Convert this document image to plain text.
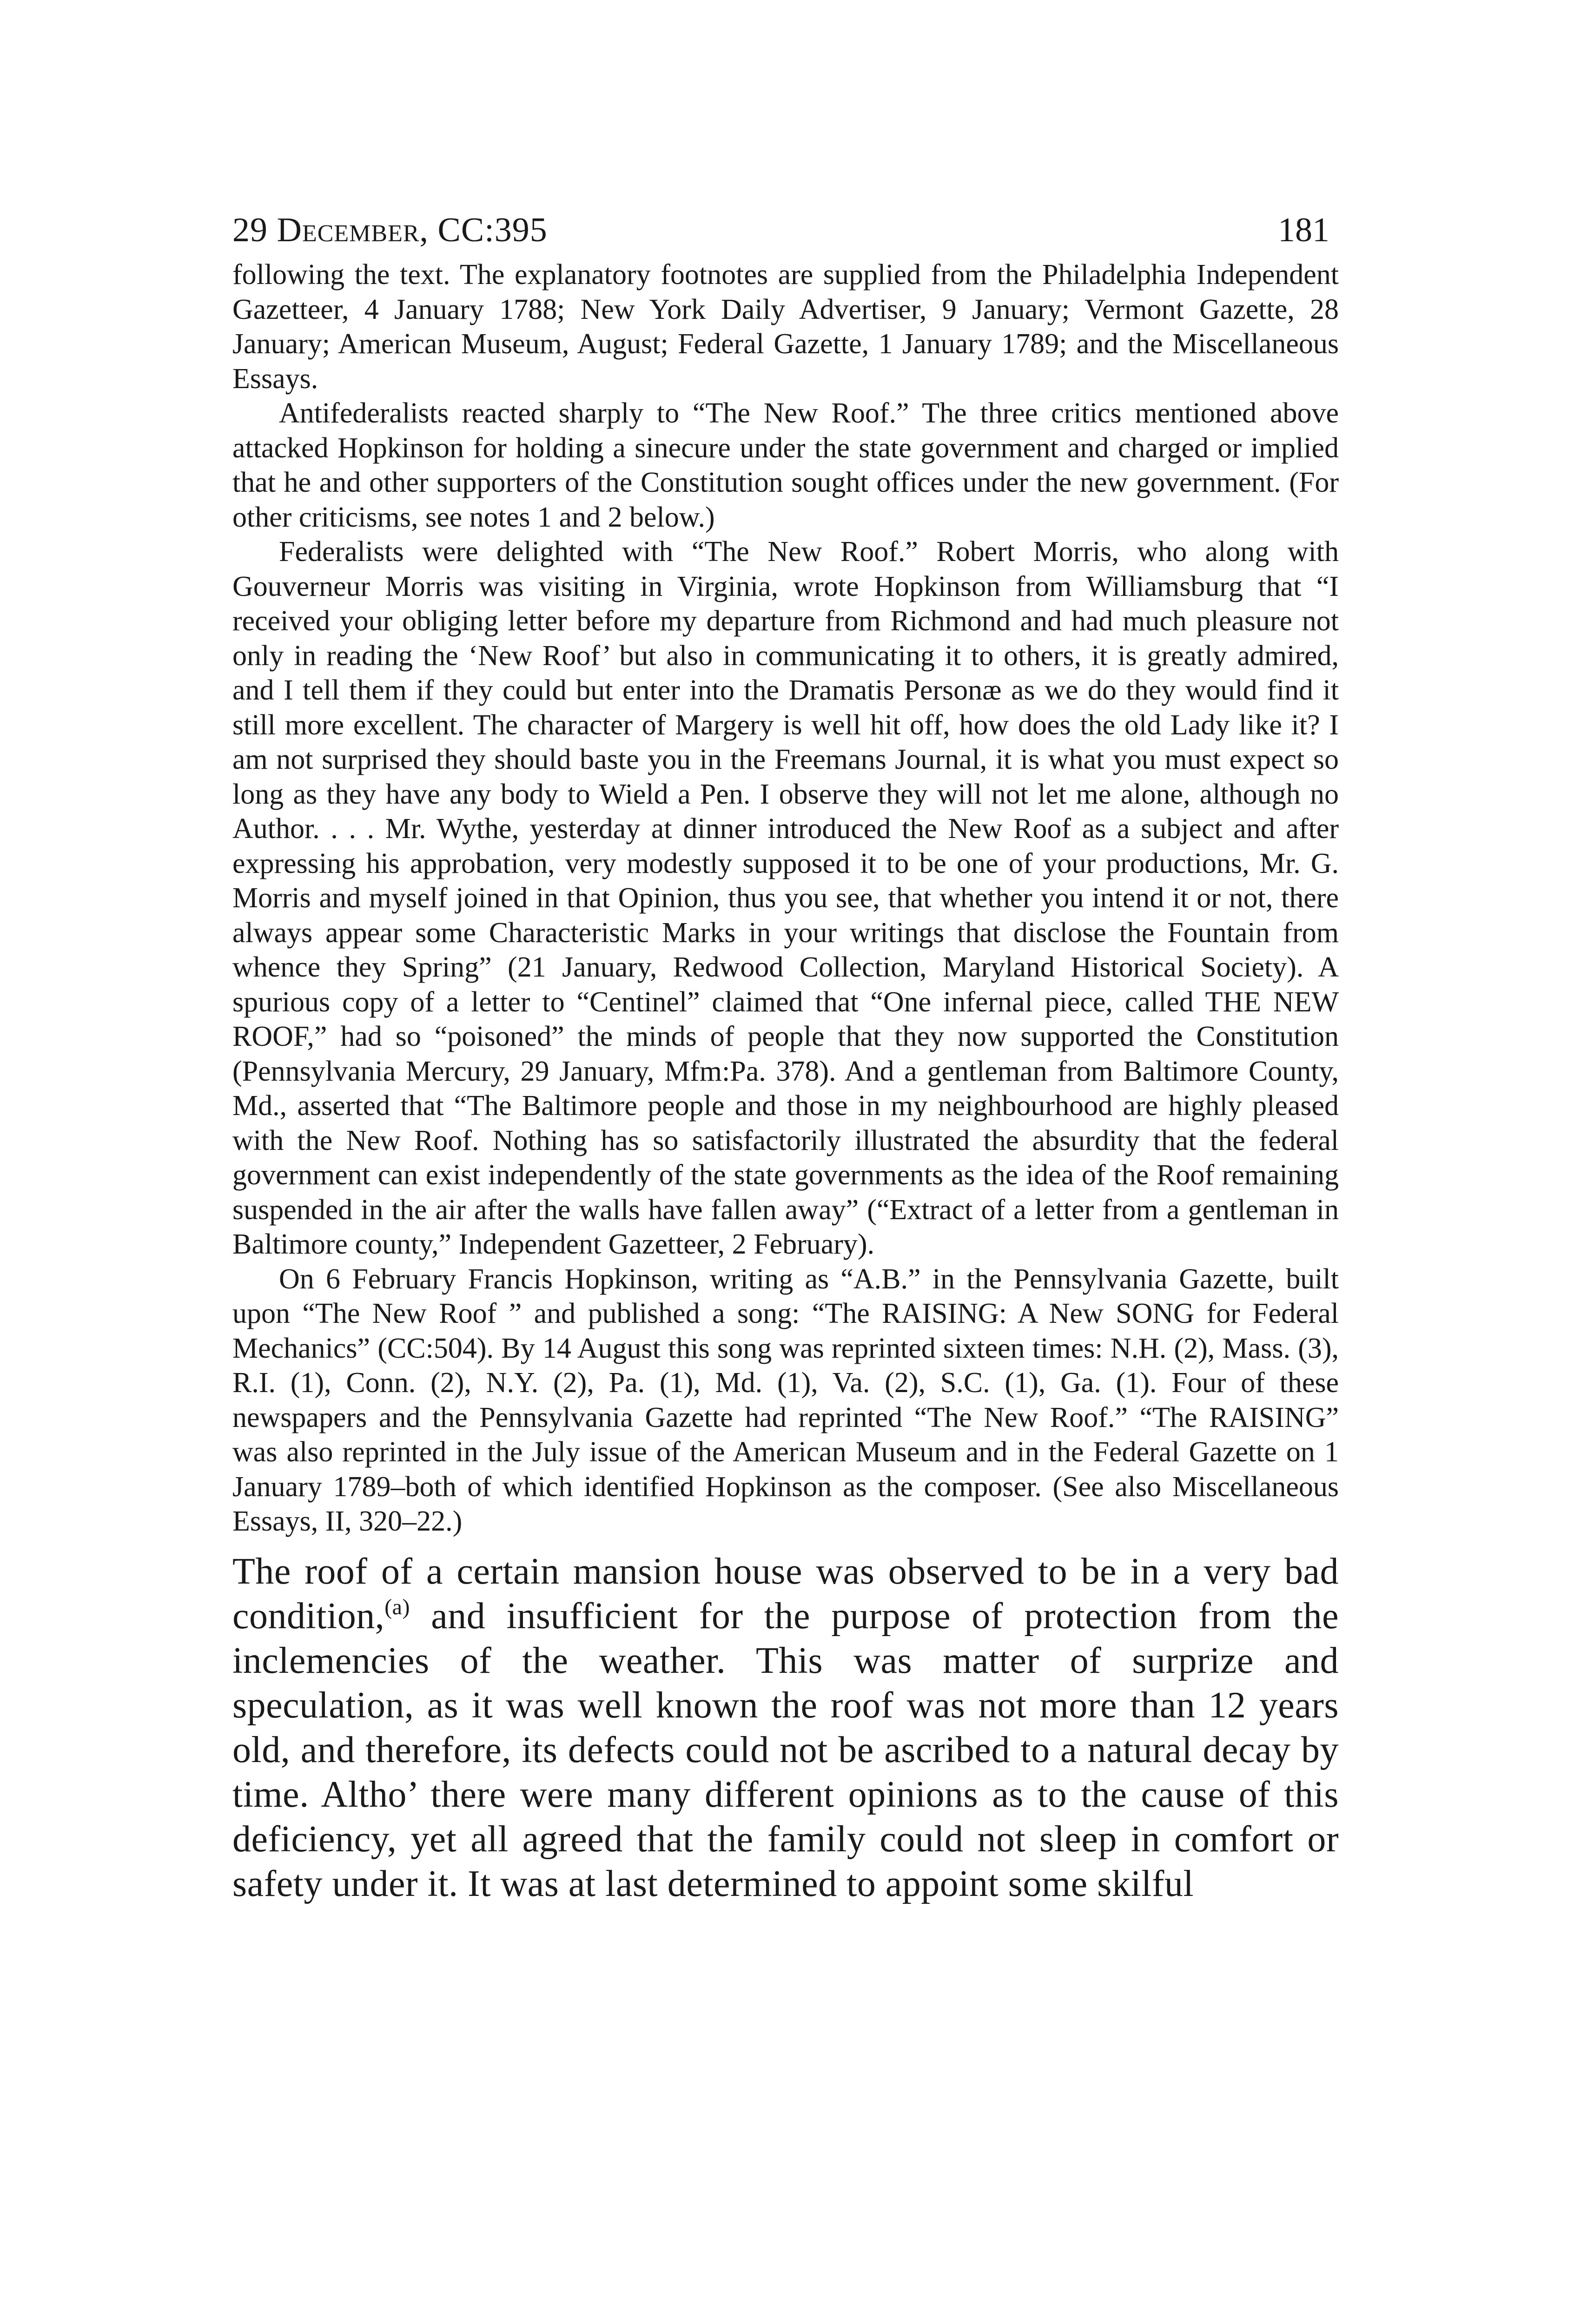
29 December, CC:395	181

following the text. The explanatory footnotes are supplied from the Philadelphia Independent Gazetteer, 4 January 1788; New York Daily Advertiser, 9 January; Vermont Gazette, 28 January; American Museum, August; Federal Gazette, 1 January 1789; and the Miscellaneous Essays.

Antifederalists reacted sharply to “The New Roof.” The three critics mentioned above attacked Hopkinson for holding a sinecure under the state government and charged or implied that he and other supporters of the Constitution sought offices under the new government. (For other criticisms, see notes 1 and 2 below.)

Federalists were delighted with “The New Roof.” Robert Morris, who along with Gouverneur Morris was visiting in Virginia, wrote Hopkinson from Williamsburg that “I received your obliging letter before my departure from Richmond and had much pleasure not only in reading the ‘New Roof’ but also in communicating it to others, it is greatly admired, and I tell them if they could but enter into the Dramatis Personæ as we do they would find it still more excellent. The character of Margery is well hit off, how does the old Lady like it? I am not surprised they should baste you in the Freemans Journal, it is what you must expect so long as they have any body to Wield a Pen. I observe they will not let me alone, although no Author. . . . Mr. Wythe, yesterday at dinner introduced the New Roof as a subject and after expressing his approbation, very modestly supposed it to be one of your productions, Mr. G. Morris and myself joined in that Opinion, thus you see, that whether you intend it or not, there always appear some Characteristic Marks in your writings that disclose the Fountain from whence they Spring” (21 January, Redwood Collection, Maryland Historical Society). A spurious copy of a letter to “Centinel” claimed that “One infernal piece, called THE NEW ROOF,” had so “poisoned” the minds of people that they now supported the Constitution (Pennsylvania Mercury, 29 January, Mfm:Pa. 378). And a gentleman from Baltimore County, Md., asserted that “The Baltimore people and those in my neighbourhood are highly pleased with the New Roof. Nothing has so satisfactorily illustrated the absurdity that the federal government can exist independently of the state governments as the idea of the Roof remaining suspended in the air after the walls have fallen away” (“Extract of a letter from a gentleman in Baltimore county,” Independent Gazetteer, 2 February).

On 6 February Francis Hopkinson, writing as “A.B.” in the Pennsylvania Gazette, built upon “The New Roof ” and published a song: “The RAISING: A New SONG for Federal Mechanics” (CC:504). By 14 August this song was reprinted sixteen times: N.H. (2), Mass. (3), R.I. (1), Conn. (2), N.Y. (2), Pa. (1), Md. (1), Va. (2), S.C. (1), Ga. (1). Four of these newspapers and the Pennsylvania Gazette had reprinted “The New Roof.” “The RAISING” was also reprinted in the July issue of the American Museum and in the Federal Gazette on 1 January 1789–both of which identified Hopkinson as the composer. (See also Miscellaneous Essays, II, 320–22.)

The roof of a certain mansion house was observed to be in a very bad condition,$^{(a)}$ and insufficient for the purpose of protection from the inclemencies of the weather. This was matter of surprize and speculation, as it was well known the roof was not more than 12 years old, and therefore, its defects could not be ascribed to a natural decay by time. Altho’ there were many different opinions as to the cause of this deficiency, yet all agreed that the family could not sleep in comfort or safety under it. It was at last determined to appoint some skilful
